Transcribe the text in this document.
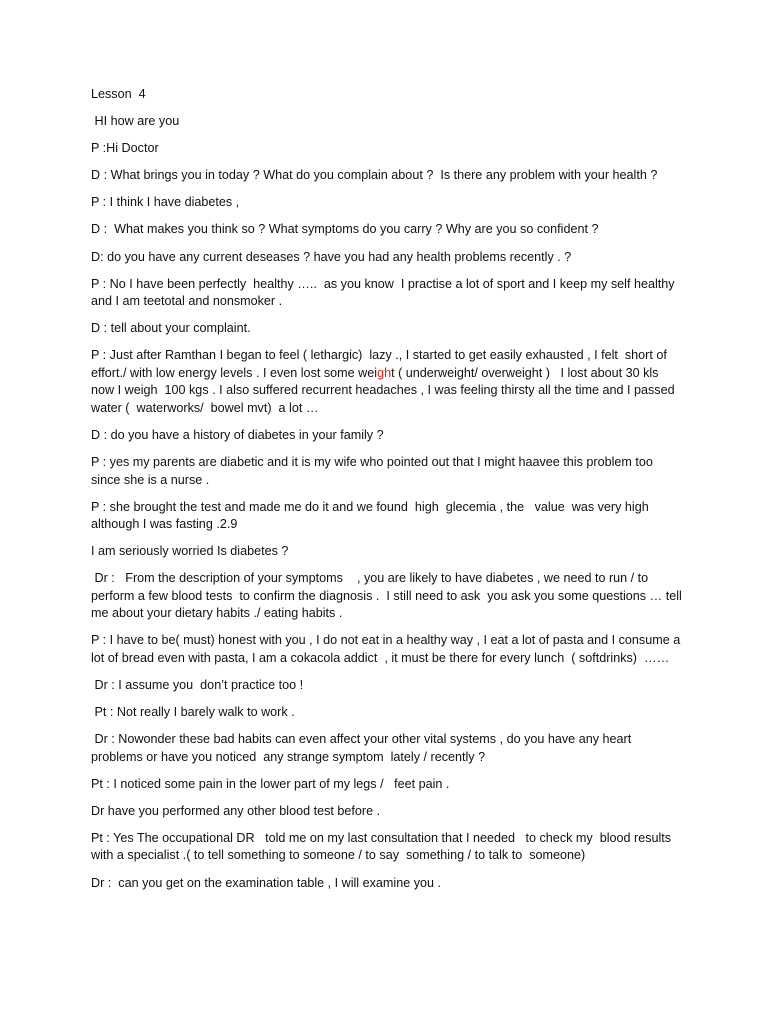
Lesson  4

HI how are you

P :Hi Doctor

D : What brings you in today ? What do you complain about ?  Is there any problem with your health ?

P : I think I have diabetes ,

D :  What makes you think so ? What symptoms do you carry ? Why are you so confident ?

D: do you have any current deseases ? have you had any health problems recently . ?

P : No I have been perfectly  healthy …..  as you know  I practise a lot of sport and I keep my self healthy and I am teetotal and nonsmoker .

D : tell about your complaint.

P : Just after Ramthan I began to feel ( lethargic)  lazy ., I started to get easily exhausted , I felt  short of effort./ with low energy levels . I even lost some weight ( underweight/ overweight )   I lost about 30 kls now I weigh  100 kgs . I also suffered recurrent headaches , I was feeling thirsty all the time and I passed water (  waterworks/  bowel mvt)  a lot …

D : do you have a history of diabetes in your family ?

P : yes my parents are diabetic and it is my wife who pointed out that I might haavee this problem too   since she is a nurse .

P : she brought the test and made me do it and we found  high  glecemia , the   value  was very high although I was fasting .2.9

I am seriously worried Is diabetes ?

Dr :   From the description of your symptoms    , you are likely to have diabetes , we need to run / to perform a few blood tests  to confirm the diagnosis .  I still need to ask  you ask you some questions … tell me about your dietary habits ./ eating habits .

P : I have to be( must) honest with you , I do not eat in a healthy way , I eat a lot of pasta and I consume a lot of bread even with pasta, I am a cokacola addict  , it must be there for every lunch  ( softdrinks)  ……

Dr : I assume you  don’t practice too !

Pt : Not really I barely walk to work .

Dr : Nowonder these bad habits can even affect your other vital systems , do you have any heart problems or have you noticed  any strange symptom  lately / recently ?

Pt : I noticed some pain in the lower part of my legs /   feet pain .

Dr have you performed any other blood test before .

Pt : Yes The occupational DR   told me on my last consultation that I needed   to check my  blood results with a specialist .( to tell something to someone / to say  something / to talk to  someone)

Dr :  can you get on the examination table , I will examine you .
